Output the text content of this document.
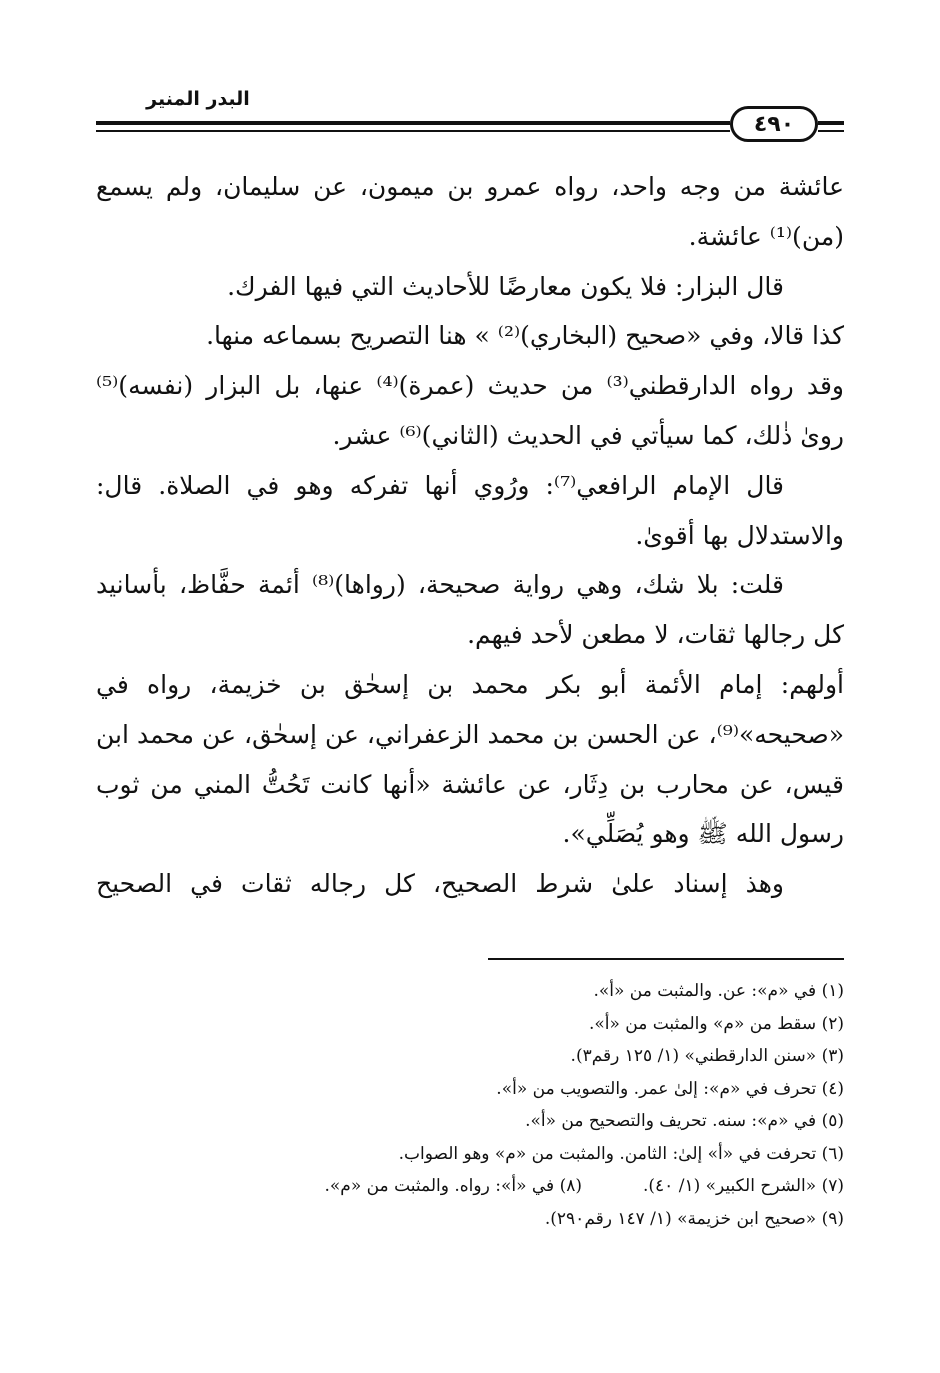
البدر المنير
٤٩٠

عائشة من وجه واحد، رواه عمرو بن ميمون، عن سليمان، ولم يسمع (من)⁽¹⁾ عائشة.

قال البزار: فلا يكون معارضًا للأحاديث التي فيها الفرك.

كذا قالا، وفي «صحيح (البخاري)⁽²⁾ » هنا التصريح بسماعه منها.

وقد رواه الدارقطني⁽³⁾ من حديث (عمرة)⁽⁴⁾ عنها، بل البزار (نفسه)⁽⁵⁾ روىٰ ذٰلك، كما سيأتي في الحديث (الثاني)⁽⁶⁾ عشر.

قال الإمام الرافعي⁽⁷⁾: ورُوي أنها تفركه وهو في الصلاة. قال: والاستدلال بها أقوىٰ.

قلت: بلا شك، وهي رواية صحيحة، (رواها)⁽⁸⁾ أئمة حفَّاظ، بأسانيد كل رجالها ثقات، لا مطعن لأحد فيهم.

أولهم: إمام الأئمة أبو بكر محمد بن إسحٰق بن خزيمة، رواه في «صحيحه»⁽⁹⁾، عن الحسن بن محمد الزعفراني، عن إسحٰق، عن محمد ابن قيس، عن محارب بن دِثَار، عن عائشة «أنها كانت تَحُتُّ المني من ثوب رسول الله ﷺ وهو يُصَلِّي».

وهذ إسناد علىٰ شرط الصحيح، كل رجاله ثقات في الصحيح

(١) في «م»: عن. والمثبت من «أ».

(٢) سقط من «م» والمثبت من «أ».

(٣) «سنن الدارقطني» (١/ ١٢٥ رقم٣).

(٤) تحرف في «م»: إلىٰ عمر. والتصويب من «أ».

(٥) في «م»: سنه. تحريف والتصحيح من «أ».

(٦) تحرفت في «أ» إلىٰ: الثامن. والمثبت من «م» وهو الصواب.

(٧) «الشرح الكبير» (١/ ٤٠).
(٨) في «أ»: رواه. والمثبت من «م».

(٩) «صحيح ابن خزيمة» (١/ ١٤٧ رقم٢٩٠).
